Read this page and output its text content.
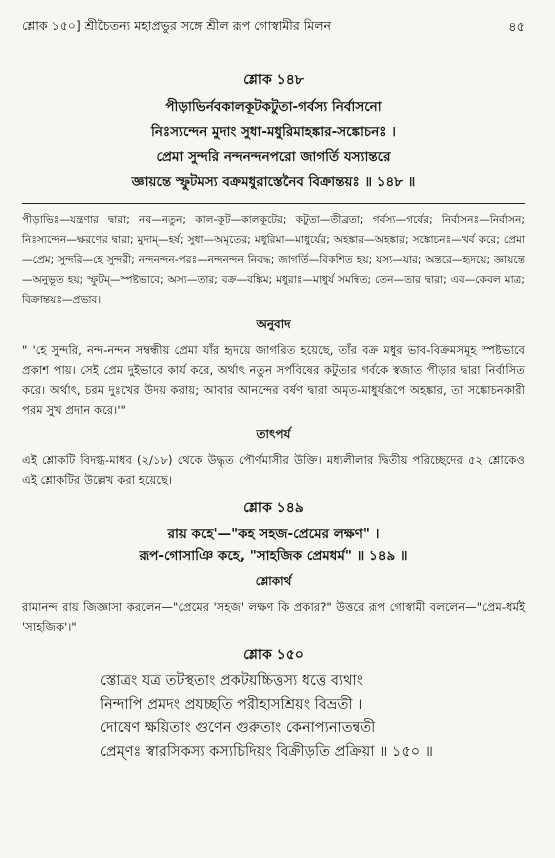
শ্লোক ১৫০] শ্রীচৈতন্য মহাপ্রভুর সঙ্গে শ্রীল রূপ গোস্বামীর মিলন	৪৫
শ্লোক ১৪৮
পীড়াভির্নবকালকূটকটুতা-গর্বস্য নির্বাসনো
নিঃস্যন্দেন মুদাং সুধা-মধুরিমাহঙ্কার-সঙ্কোচনঃ ।
প্রেমা সুন্দরি নন্দনন্দনপরো জাগর্তি যস্যান্তরে
জ্ঞায়ন্তে স্ফুটমস্য বক্রমধুরাস্তেনৈব বিক্রান্তয়ঃ ॥ ১৪৮ ॥
পীড়াভিঃ—যন্ত্রণার দ্বারা; নব—নতুন; কাল-কূট—কালকূটের; কটুতা—তীব্রতা; গর্বস্য—গর্বের; নির্বাসনঃ—নির্বাসন; নিঃস্যন্দেন—ক্ষরণের দ্বারা; মুদাম্—হর্ষ; সুধা—অমৃতের; মধুরিমা—মাধুর্যের; অহঙ্কার—অহঙ্কার; সঙ্কোচনঃ—খর্ব করে; প্রেমা—প্রেম; সুন্দরি—হে সুন্দরী; নন্দনন্দন-পরঃ—নন্দনন্দন নিবদ্ধ; জাগর্তি—বিকশিত হয়; যস্য—যার; অন্তরে—হৃদয়ে; জ্ঞায়ন্তে—অনুভূত হয়; স্ফুটম্—স্পষ্টভাবে; অস্য—তার; বক্র—বঙ্কিম; মধুরাঃ—মাধুর্য সমন্বিত; তেন—তার দ্বারা; এব—কেবল মাত্র; বিক্রান্তয়ঃ—প্রভাব।
অনুবাদ
" 'হে সুন্দরি, নন্দ-নন্দন সম্বন্ধীয় প্রেমা যাঁর হৃদয়ে জাগরিত হয়েছে, তাঁর বক্র মধুর ভাব-বিক্রমসমূহ স্পষ্টভাবে প্রকাশ পায়। সেই প্রেম দুইভাবে কার্য করে, অর্থাৎ নতুন সর্পবিষের কটুতার গর্বকে স্বজাত পীড়ার দ্বারা নির্বাসিত করে। অর্থাৎ, চরম দুঃখের উদয় করায়; আবার আনন্দের বর্ষণ দ্বারা অমৃত-মাধুর্যরূপে অহঙ্কার, তা সঙ্কোচনকারী পরম সুখ প্রদান করে।'"
তাৎপর্য
এই শ্লোকটি বিদগ্ধ-মাধব (২/১৮) থেকে উদ্ধৃত পৌর্ণমাসীর উক্তি। মধ্যলীলার দ্বিতীয় পরিচ্ছেদের ৫২ শ্লোকেও এই শ্লোকটির উল্লেখ করা হয়েছে।
শ্লোক ১৪৯
রায় কহে'—"কহ সহজ-প্রেমের লক্ষণ" ।
রূপ-গোসাঞি কহে, "সাহজিক প্রেমধর্ম" ॥ ১৪৯ ॥
শ্লোকার্থ
রামানন্দ রায় জিজ্ঞাসা করলেন—"প্রেমের 'সহজ' লক্ষণ কি প্রকার?" উত্তরে রূপ গোস্বামী বললেন—"প্রেম-ধর্মই 'সাহজিক'।"
শ্লোক ১৫০
স্তোত্রং যত্র তটস্থতাং প্রকটয়চ্চিত্তস্য ধত্তে ব্যথাং
নিন্দাপি প্রমদং প্রযচ্ছতি পরীহাসশ্রিয়ং বিভ্রতী ।
দোষেণ ক্ষয়িতাং গুণেন গুরুতাং কেনাপ্যনাতন্বতী
প্রেম্ণঃ স্বারসিকস্য কস্যচিদিয়ং বিক্রীড়তি প্রক্রিয়া ॥ ১৫০ ॥
